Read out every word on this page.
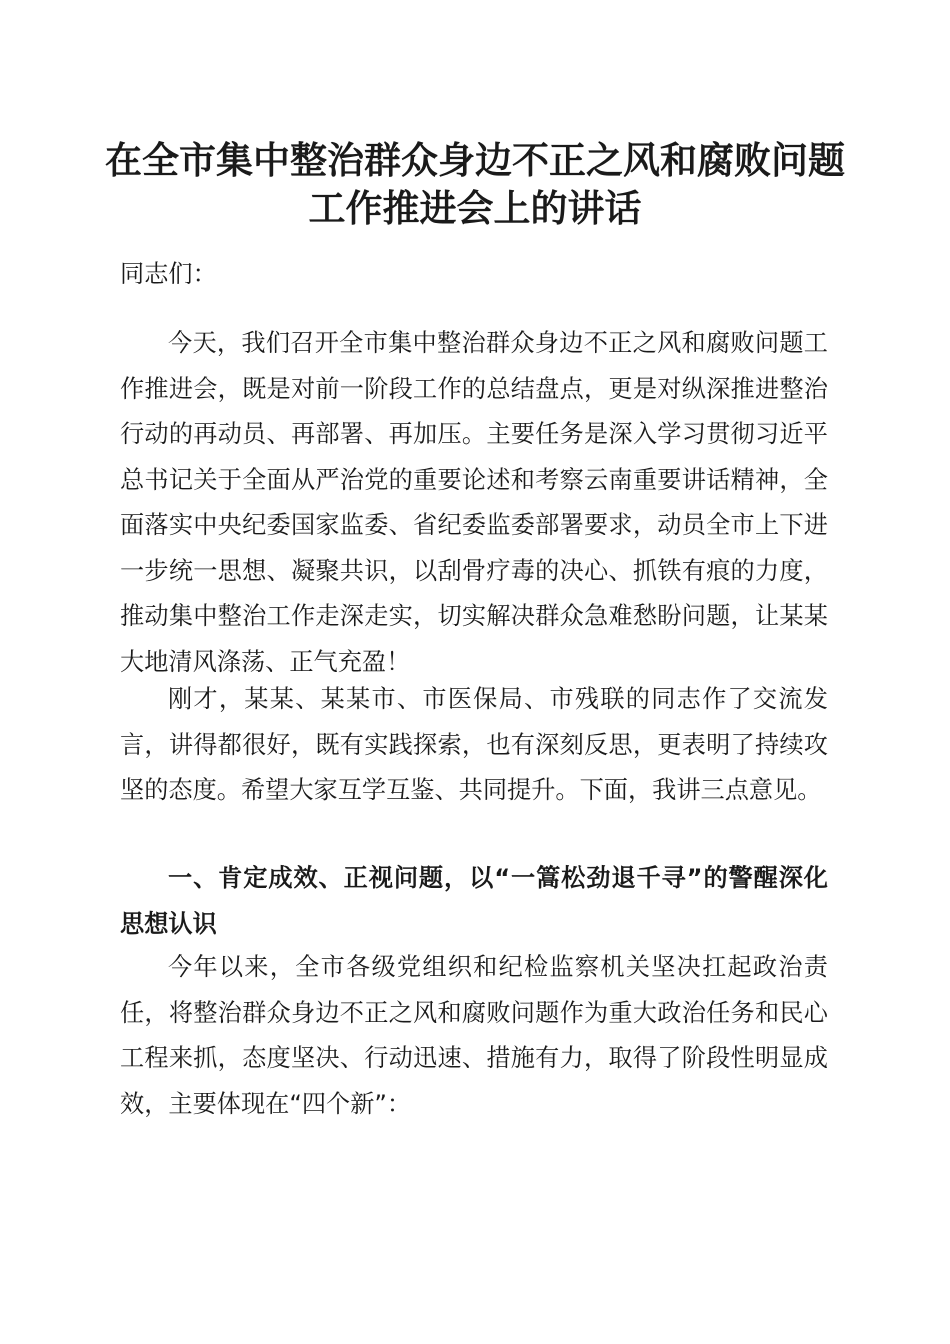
在全市集中整治群众身边不正之风和腐败问题
工作推进会上的讲话

同志们：

今天，我们召开全市集中整治群众身边不正之风和腐败问题工作推进会，既是对前一阶段工作的总结盘点，更是对纵深推进整治行动的再动员、再部署、再加压。主要任务是深入学习贯彻习近平总书记关于全面从严治党的重要论述和考察云南重要讲话精神，全面落实中央纪委国家监委、省纪委监委部署要求，动员全市上下进一步统一思想、凝聚共识，以刮骨疗毒的决心、抓铁有痕的力度，推动集中整治工作走深走实，切实解决群众急难愁盼问题，让某某大地清风涤荡、正气充盈！

刚才，某某、某某市、市医保局、市残联的同志作了交流发言，讲得都很好，既有实践探索，也有深刻反思，更表明了持续攻坚的态度。希望大家互学互鉴、共同提升。下面，我讲三点意见。

一、肯定成效、正视问题，以“一篙松劲退千寻”的警醒深化思想认识

今年以来，全市各级党组织和纪检监察机关坚决扛起政治责任，将整治群众身边不正之风和腐败问题作为重大政治任务和民心工程来抓，态度坚决、行动迅速、措施有力，取得了阶段性明显成效，主要体现在“四个新”：
